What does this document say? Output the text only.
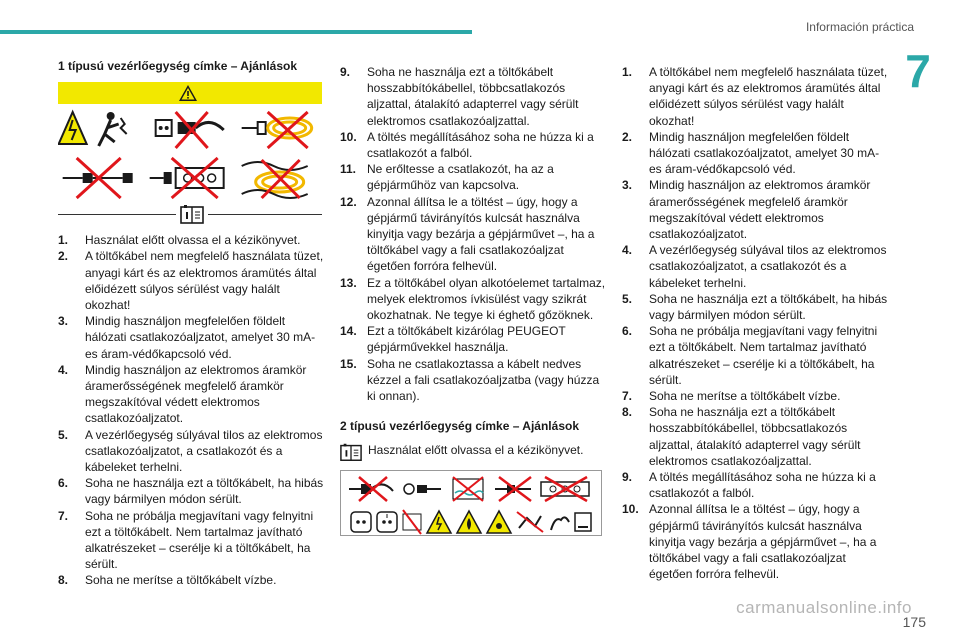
Información práctica
7
1 típusú vezérlőegység címke – Ajánlások
1. Használat előtt olvassa el a kézikönyvet.
2. A töltőkábel nem megfelelő használata tüzet, anyagi kárt és az elektromos áramütés által előidézett súlyos sérülést vagy halált okozhat!
3. Mindig használjon megfelelően földelt hálózati csatlakozóaljzatot, amelyet 30 mA-es áram-védőkapcsoló véd.
4. Mindig használjon az elektromos áramkör áramerősségének megfelelő áramkör megszakítóval védett elektromos csatlakozóaljzatot.
5. A vezérlőegység súlyával tilos az elektromos csatlakozóaljzatot, a csatlakozót és a kábeleket terhelni.
6. Soha ne használja ezt a töltőkábelt, ha hibás vagy bármilyen módon sérült.
7. Soha ne próbálja megjavítani vagy felnyitni ezt a töltőkábelt. Nem tartalmaz javítható alkatrészeket – cserélje ki a töltőkábelt, ha sérült.
8. Soha ne merítse a töltőkábelt vízbe.
9. Soha ne használja ezt a töltőkábelt hosszabbítókábellel, többcsatlakozós aljzattal, átalakító adapterrel vagy sérült elektromos csatlakozóaljzattal.
10. A töltés megállításához soha ne húzza ki a csatlakozót a falból.
11. Ne erőltesse a csatlakozót, ha az a gépjárműhöz van kapcsolva.
12. Azonnal állítsa le a töltést – úgy, hogy a gépjármű távirányítós kulcsát használva kinyitja vagy bezárja a gépjárművet –, ha a töltőkábel vagy a fali csatlakozóaljzat égetően forróra felhevül.
13. Ez a töltőkábel olyan alkotóelemet tartalmaz, melyek elektromos ívkisülést vagy szikrát okozhatnak. Ne tegye ki éghető gőzöknek.
14. Ezt a töltőkábelt kizárólag PEUGEOT gépjárművekkel használja.
15. Soha ne csatlakoztassa a kábelt nedves kézzel a fali csatlakozóaljzatba (vagy húzza ki onnan).
2 típusú vezérlőegység címke – Ajánlások
Használat előtt olvassa el a kézikönyvet.

1. A töltőkábel nem megfelelő használata tüzet, anyagi kárt és az elektromos áramütés által előidézett súlyos sérülést vagy halált okozhat!
2. Mindig használjon megfelelően földelt hálózati csatlakozóaljzatot, amelyet 30 mA-es áram-védőkapcsoló véd.
3. Mindig használjon az elektromos áramkör áramerősségének megfelelő áramkör megszakítóval védett elektromos csatlakozóaljzatot.
4. A vezérlőegység súlyával tilos az elektromos csatlakozóaljzatot, a csatlakozót és a kábeleket terhelni.
5. Soha ne használja ezt a töltőkábelt, ha hibás vagy bármilyen módon sérült.
6. Soha ne próbálja megjavítani vagy felnyitni ezt a töltőkábelt. Nem tartalmaz javítható alkatrészeket – cserélje ki a töltőkábelt, ha sérült.
7. Soha ne merítse a töltőkábelt vízbe.
8. Soha ne használja ezt a töltőkábelt hosszabbítókábellel, többcsatlakozós aljzattal, átalakító adapterrel vagy sérült elektromos csatlakozóaljzattal.
9. A töltés megállításához soha ne húzza ki a csatlakozót a falból.
10. Azonnal állítsa le a töltést – úgy, hogy a gépjármű távirányítós kulcsát használva kinyitja vagy bezárja a gépjárművet –, ha a töltőkábel vagy a fali csatlakozóaljzat égetően forróra felhevül.
carmanualsonline.info
175
